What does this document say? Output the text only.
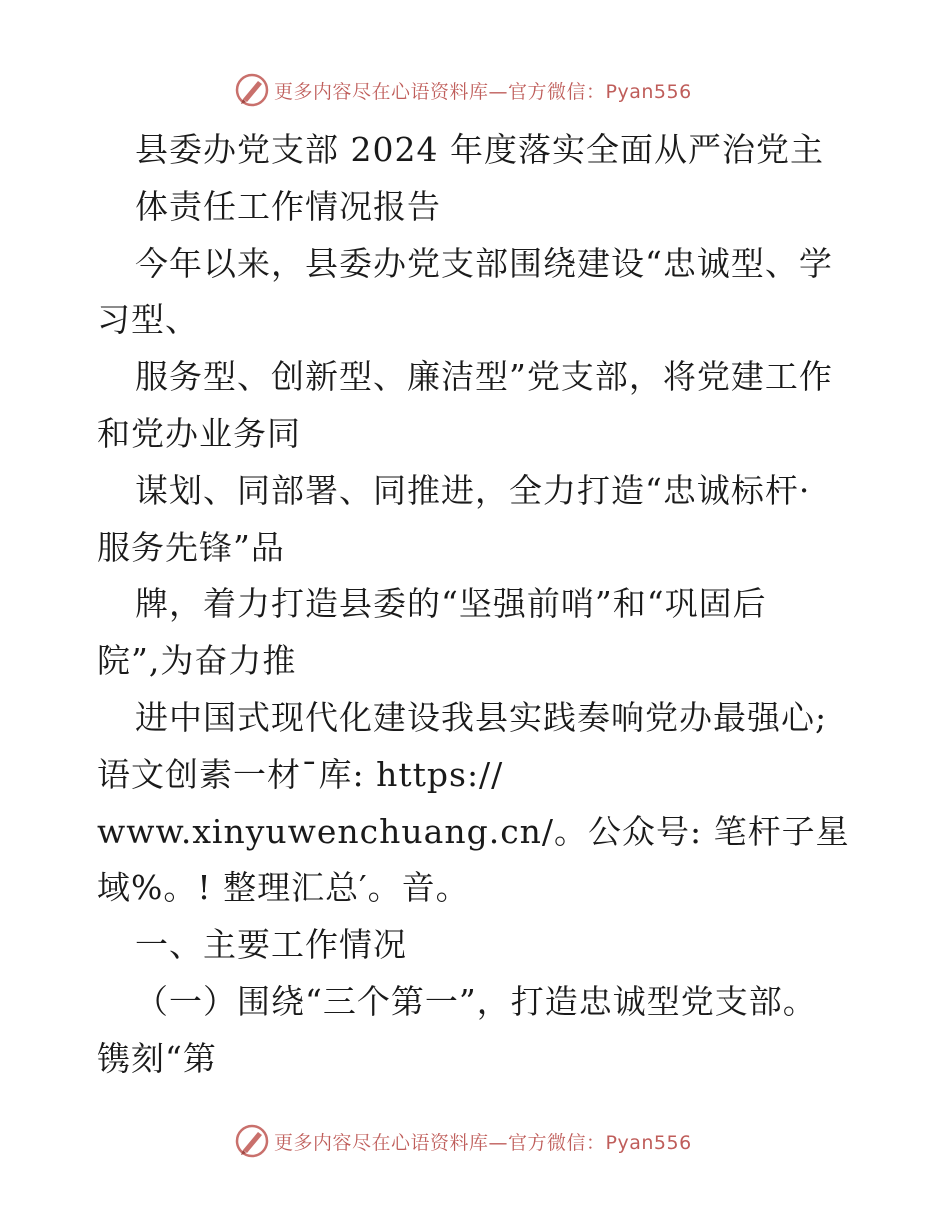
更多内容尽在心语资料库—官方微信：Pyan556
县委办党支部 2024 年度落实全面从严治党主
体责任工作情况报告
今年以来，县委办党支部围绕建设“忠诚型、学
习型、
服务型、创新型、廉洁型”党支部，将党建工作
和党办业务同
谋划、同部署、同推进，全力打造“忠诚标杆·
服务先锋”品
牌，着力打造县委的“坚强前哨”和“巩固后
院”,为奋力推
进中国式现代化建设我县实践奏响党办最强心;
语文创素一材¯库: https://
www.xinyuwenchuang.cn/。公众号: 笔杆子星
域%。! 整理汇总′。音。
一、主要工作情况
（一）围绕“三个第一”，打造忠诚型党支部。
镌刻“第
更多内容尽在心语资料库—官方微信：Pyan556
